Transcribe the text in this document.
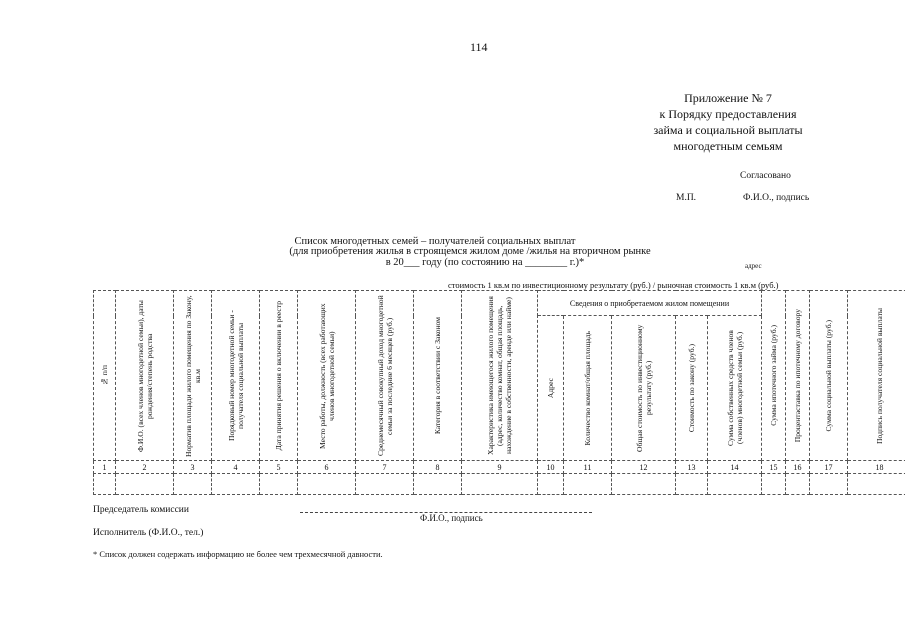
114
Приложение № 7
к Порядку предоставления
займа и социальной выплаты
многодетным семьям
Согласовано
М.П.	Ф.И.О., подпись
Список многодетных семей – получателей социальных выплат
(для приобретения жилья в строящемся жилом доме /жилья на вторичном рынке
в 20___ году (по состоянию на ________ г.)*	адрес
стоимость 1 кв.м по инвестиционному результату (руб.) / рыночная стоимость 1 кв.м (руб.)
№ п/п	Ф.И.О. (всех членов многодетной семьи), даты рождения/степень родства	Норматив площади жилого помещения по Закону, кв.м	Порядковый номер многодетной семьи - получателя социальной выплаты	Дата принятия решения о включении в реестр	Место работы, должность (всех работающих членов многодетной семьи)	Среднемесячный совокупный доход многодетной семьи за последние 6 месяцев (руб.)	Категория в соответствии с Законом	Характеристика имеющегося жилого помещения (адрес, количество комнат, общая площадь, нахождение в собственности, аренде или найме)	Сведения о приобретаемом жилом помещении					Сумма ипотечного займа (руб.)	Процентаставка по ипотечному договору	Сумма социальной выплаты (руб.)	Подпись получателя социальной выплаты

									Адрес	Количество комнат/общая площадь	Общая стоимость по инвестиционному результату (руб.)	Стоимость по закону (руб.)	Сумма собственных средств членов (членов) многодетной семьи (руб.)				

1	2	3	4	5	6	7	8	9	10	11	12	13	14	15	16	17	18

Председатель комиссии
Ф.И.О., подпись
Исполнитель (Ф.И.О., тел.)
* Список должен содержать информацию не более чем трехмесячной давности.
